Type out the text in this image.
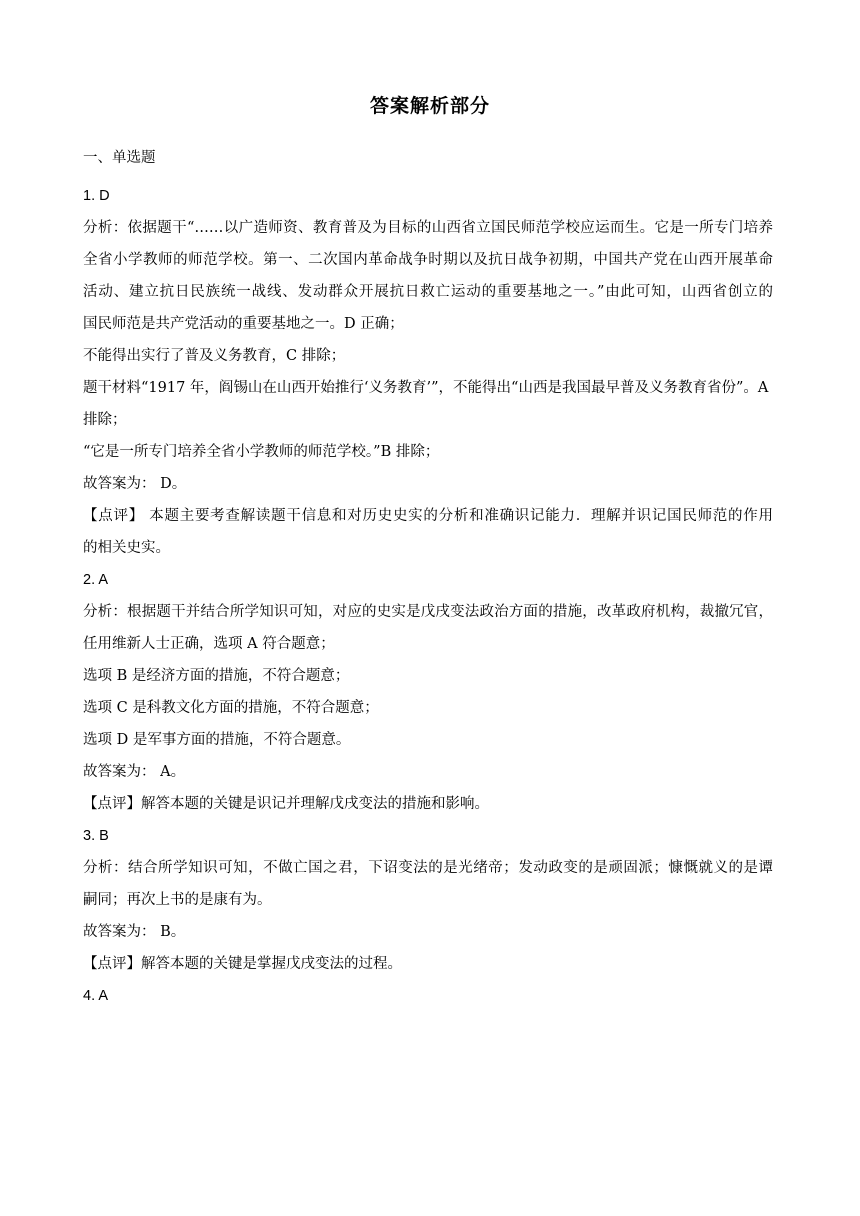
答案解析部分
一、单选题
1. D
分析：依据题干“……以广造师资、教育普及为目标的山西省立国民师范学校应运而生。它是一所专门培养
全省小学教师的师范学校。第一、二次国内革命战争时期以及抗日战争初期，中国共产党在山西开展革命
活动、建立抗日民族统一战线、发动群众开展抗日救亡运动的重要基地之一。”由此可知，山西省创立的
国民师范是共产党活动的重要基地之一。D 正确；
不能得出实行了普及义务教育，C 排除；
题干材料“1917 年，阎锡山在山西开始推行‘义务教育’”，不能得出“山西是我国最早普及义务教育省份”。A
排除；
“它是一所专门培养全省小学教师的师范学校。”B 排除；
故答案为： D。
【点评】 本题主要考查解读题干信息和对历史史实的分析和准确识记能力．理解并识记国民师范的作用
的相关史实。
2. A
分析：根据题干并结合所学知识可知，对应的史实是戊戌变法政治方面的措施，改革政府机构，裁撤冗官，
任用维新人士正确，选项 A 符合题意；
选项 B 是经济方面的措施，不符合题意；
选项 C 是科教文化方面的措施，不符合题意；
选项 D 是军事方面的措施，不符合题意。
故答案为： A。
【点评】解答本题的关键是识记并理解戊戌变法的措施和影响。
3. B
分析：结合所学知识可知，不做亡国之君，下诏变法的是光绪帝；发动政变的是顽固派；慷慨就义的是谭
嗣同；再次上书的是康有为。
故答案为： B。
【点评】解答本题的关键是掌握戊戌变法的过程。
4. A
